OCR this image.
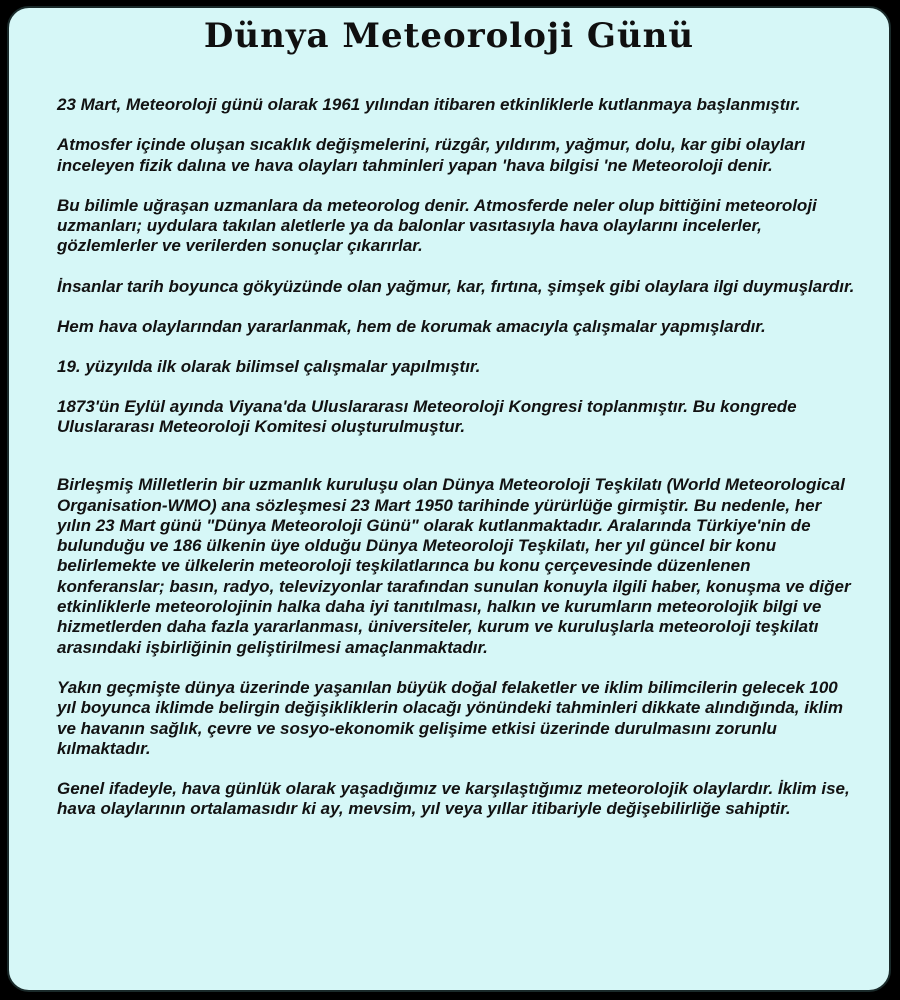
Dünya Meteoroloji Günü

23 Mart, Meteoroloji günü olarak 1961 yılından itibaren etkinliklerle kutlanmaya başlanmıştır.

Atmosfer içinde oluşan sıcaklık değişmelerini, rüzgâr, yıldırım, yağmur, dolu, kar gibi olayları inceleyen fizik dalına ve hava olayları tahminleri yapan 'hava bilgisi 'ne Meteoroloji denir.

Bu bilimle uğraşan uzmanlara da meteorolog denir. Atmosferde neler olup bittiğini meteoroloji uzmanları; uydulara takılan aletlerle ya da balonlar vasıtasıyla hava olaylarını incelerler, gözlemlerler ve verilerden sonuçlar çıkarırlar.

İnsanlar tarih boyunca gökyüzünde olan yağmur, kar, fırtına, şimşek gibi olaylara ilgi duymuşlardır.

Hem hava olaylarından yararlanmak, hem de korumak amacıyla çalışmalar yapmışlardır.

19. yüzyılda ilk olarak bilimsel çalışmalar yapılmıştır.

1873'ün Eylül ayında Viyana'da Uluslararası Meteoroloji Kongresi toplanmıştır. Bu kongrede Uluslararası Meteoroloji Komitesi oluşturulmuştur.

Birleşmiş Milletlerin bir uzmanlık kuruluşu olan Dünya Meteoroloji Teşkilatı (World Meteorological Organisation-WMO) ana sözleşmesi 23 Mart 1950 tarihinde yürürlüğe girmiştir. Bu nedenle, her yılın 23 Mart günü "Dünya Meteoroloji Günü" olarak kutlanmaktadır. Aralarında Türkiye'nin de bulunduğu ve 186 ülkenin üye olduğu Dünya Meteoroloji Teşkilatı, her yıl güncel bir konu belirlemekte ve ülkelerin meteoroloji teşkilatlarınca bu konu çerçevesinde düzenlenen konferanslar; basın, radyo, televizyonlar tarafından sunulan konuyla ilgili haber, konuşma ve diğer etkinliklerle meteorolojinin halka daha iyi tanıtılması, halkın ve kurumların meteorolojik bilgi ve hizmetlerden daha fazla yararlanması, üniversiteler, kurum ve kuruluşlarla meteoroloji teşkilatı arasındaki işbirliğinin geliştirilmesi amaçlanmaktadır.

Yakın geçmişte dünya üzerinde yaşanılan büyük doğal felaketler ve iklim bilimcilerin gelecek 100 yıl boyunca iklimde belirgin değişikliklerin olacağı yönündeki tahminleri dikkate alındığında, iklim ve havanın sağlık, çevre ve sosyo-ekonomik gelişime etkisi üzerinde durulmasını zorunlu kılmaktadır.

Genel ifadeyle, hava günlük olarak yaşadığımız ve karşılaştığımız meteorolojik olaylardır. İklim ise, hava olaylarının ortalamasıdır ki ay, mevsim, yıl veya yıllar itibariyle değişebilirliğe sahiptir.
